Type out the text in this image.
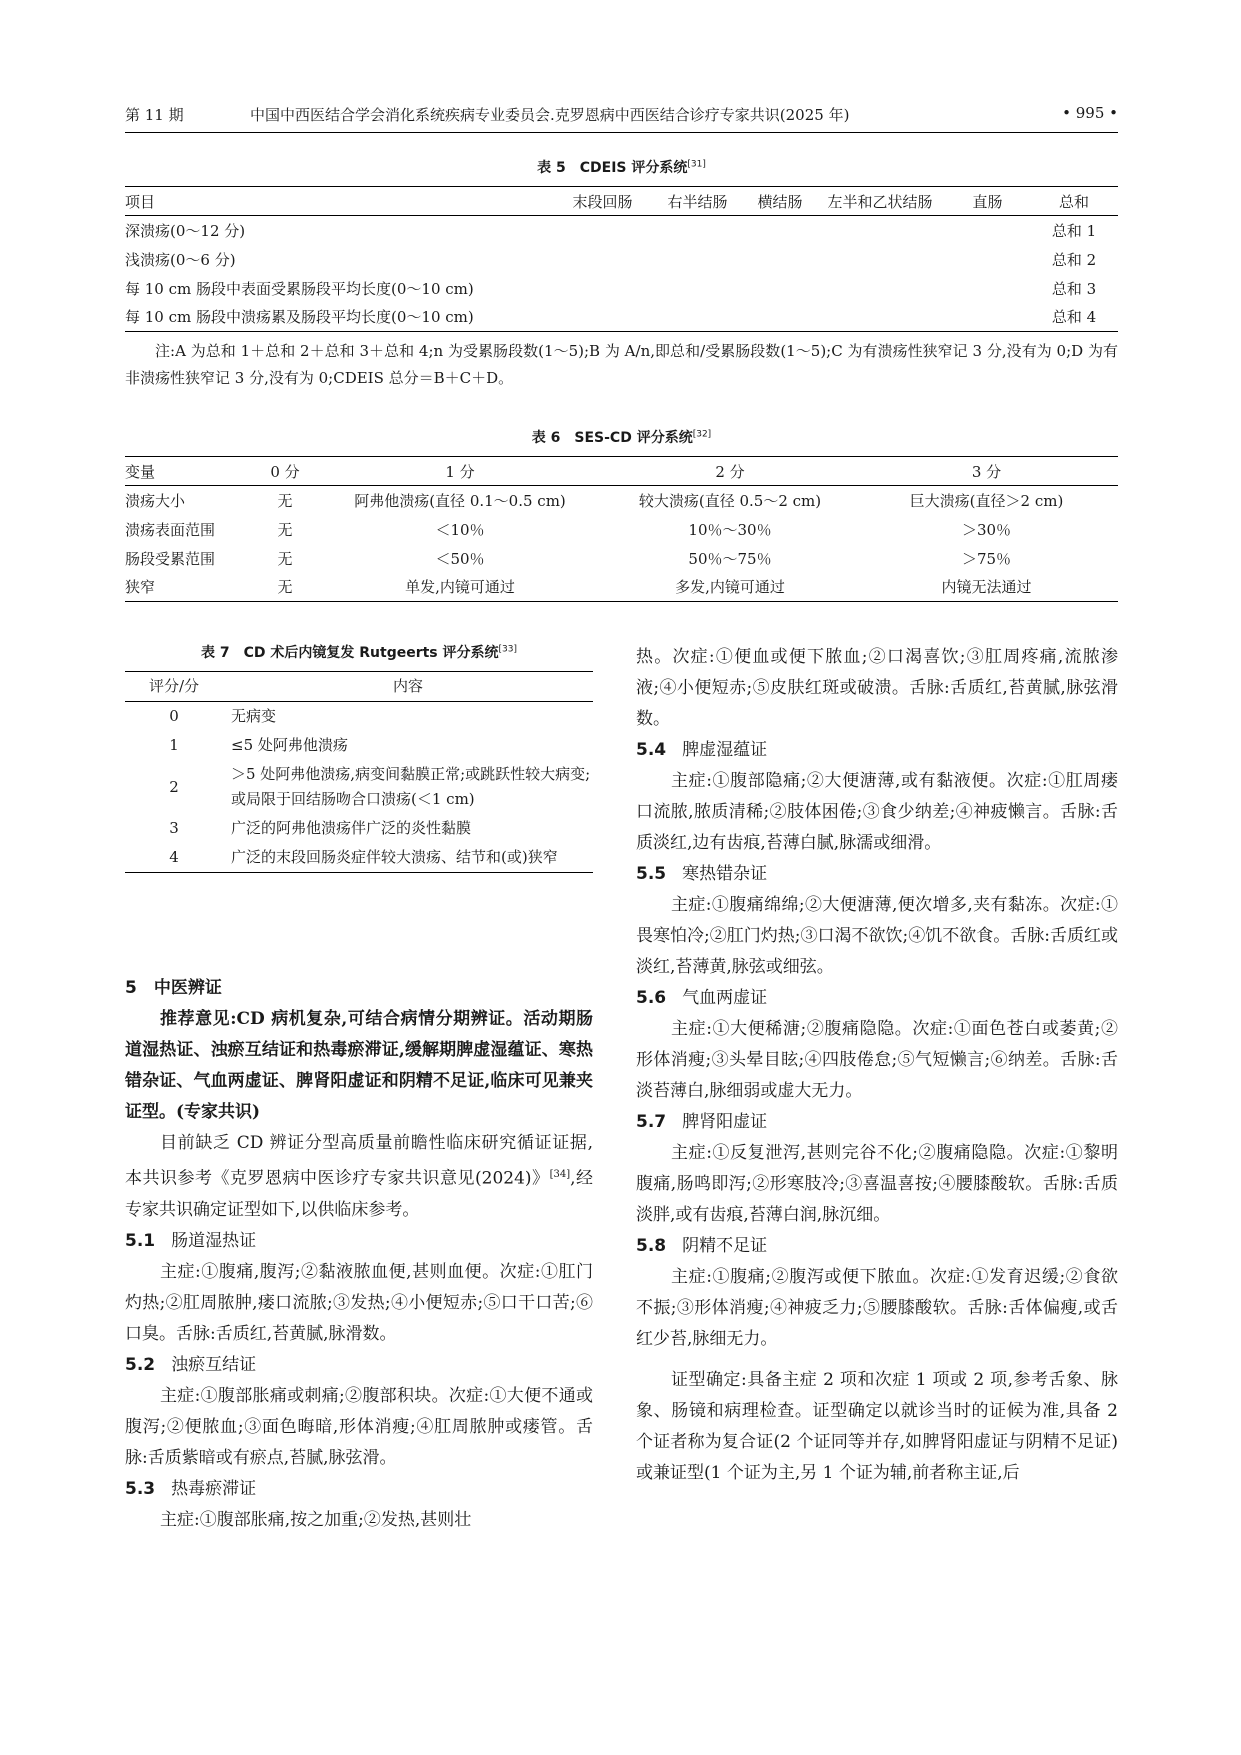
第 11 期	中国中西医结合学会消化系统疾病专业委员会.克罗恩病中西医结合诊疗专家共识(2025 年)	• 995 •
表 5　CDEIS 评分系统[31]
项目	末段回肠	右半结肠	横结肠	左半和乙状结肠	直肠	总和
深溃疡(0～12 分)						总和 1
浅溃疡(0～6 分)						总和 2
每 10 cm 肠段中表面受累肠段平均长度(0～10 cm)						总和 3
每 10 cm 肠段中溃疡累及肠段平均长度(0～10 cm)						总和 4
注:A 为总和 1＋总和 2＋总和 3＋总和 4;n 为受累肠段数(1～5);B 为 A/n,即总和/受累肠段数(1～5);C 为有溃疡性狭窄记 3 分,没有为 0;D 为有非溃疡性狭窄记 3 分,没有为 0;CDEIS 总分＝B＋C＋D。
表 6　SES-CD 评分系统[32]
变量	0 分	1 分	2 分	3 分
溃疡大小	无	阿弗他溃疡(直径 0.1～0.5 cm)	较大溃疡(直径 0.5～2 cm)	巨大溃疡(直径＞2 cm)
溃疡表面范围	无	＜10％	10％～30％	＞30％
肠段受累范围	无	＜50％	50％～75％	＞75％
狭窄	无	单发,内镜可通过	多发,内镜可通过	内镜无法通过
表 7　CD 术后内镜复发 Rutgeerts 评分系统[33]
评分/分	内容
0	无病变
1	≤5 处阿弗他溃疡
2	＞5 处阿弗他溃疡,病变间黏膜正常;或跳跃性较大病变;或局限于回结肠吻合口溃疡(＜1 cm)
3	广泛的阿弗他溃疡伴广泛的炎性黏膜
4	广泛的末段回肠炎症伴较大溃疡、结节和(或)狭窄

5　中医辨证

推荐意见:CD 病机复杂,可结合病情分期辨证。活动期肠道湿热证、浊瘀互结证和热毒瘀滞证,缓解期脾虚湿蕴证、寒热错杂证、气血两虚证、脾肾阳虚证和阴精不足证,临床可见兼夹证型。(专家共识)

目前缺乏 CD 辨证分型高质量前瞻性临床研究循证证据,本共识参考《克罗恩病中医诊疗专家共识意见(2024)》[34],经专家共识确定证型如下,以供临床参考。

5.1 肠道湿热证

主症:①腹痛,腹泻;②黏液脓血便,甚则血便。次症:①肛门灼热;②肛周脓肿,瘘口流脓;③发热;④小便短赤;⑤口干口苦;⑥口臭。舌脉:舌质红,苔黄腻,脉滑数。

5.2 浊瘀互结证

主症:①腹部胀痛或刺痛;②腹部积块。次症:①大便不通或腹泻;②便脓血;③面色晦暗,形体消瘦;④肛周脓肿或瘘管。舌脉:舌质紫暗或有瘀点,苔腻,脉弦滑。

5.3 热毒瘀滞证

主症:①腹部胀痛,按之加重;②发热,甚则壮

热。次症:①便血或便下脓血;②口渴喜饮;③肛周疼痛,流脓渗液;④小便短赤;⑤皮肤红斑或破溃。舌脉:舌质红,苔黄腻,脉弦滑数。

5.4 脾虚湿蕴证

主症:①腹部隐痛;②大便溏薄,或有黏液便。次症:①肛周瘘口流脓,脓质清稀;②肢体困倦;③食少纳差;④神疲懒言。舌脉:舌质淡红,边有齿痕,苔薄白腻,脉濡或细滑。

5.5 寒热错杂证

主症:①腹痛绵绵;②大便溏薄,便次增多,夹有黏冻。次症:①畏寒怕冷;②肛门灼热;③口渴不欲饮;④饥不欲食。舌脉:舌质红或淡红,苔薄黄,脉弦或细弦。

5.6 气血两虚证

主症:①大便稀溏;②腹痛隐隐。次症:①面色苍白或萎黄;②形体消瘦;③头晕目眩;④四肢倦怠;⑤气短懒言;⑥纳差。舌脉:舌淡苔薄白,脉细弱或虚大无力。

5.7 脾肾阳虚证

主症:①反复泄泻,甚则完谷不化;②腹痛隐隐。次症:①黎明腹痛,肠鸣即泻;②形寒肢冷;③喜温喜按;④腰膝酸软。舌脉:舌质淡胖,或有齿痕,苔薄白润,脉沉细。

5.8 阴精不足证

主症:①腹痛;②腹泻或便下脓血。次症:①发育迟缓;②食欲不振;③形体消瘦;④神疲乏力;⑤腰膝酸软。舌脉:舌体偏瘦,或舌红少苔,脉细无力。

证型确定:具备主症 2 项和次症 1 项或 2 项,参考舌象、脉象、肠镜和病理检查。证型确定以就诊当时的证候为准,具备 2 个证者称为复合证(2 个证同等并存,如脾肾阳虚证与阴精不足证)或兼证型(1 个证为主,另 1 个证为辅,前者称主证,后
